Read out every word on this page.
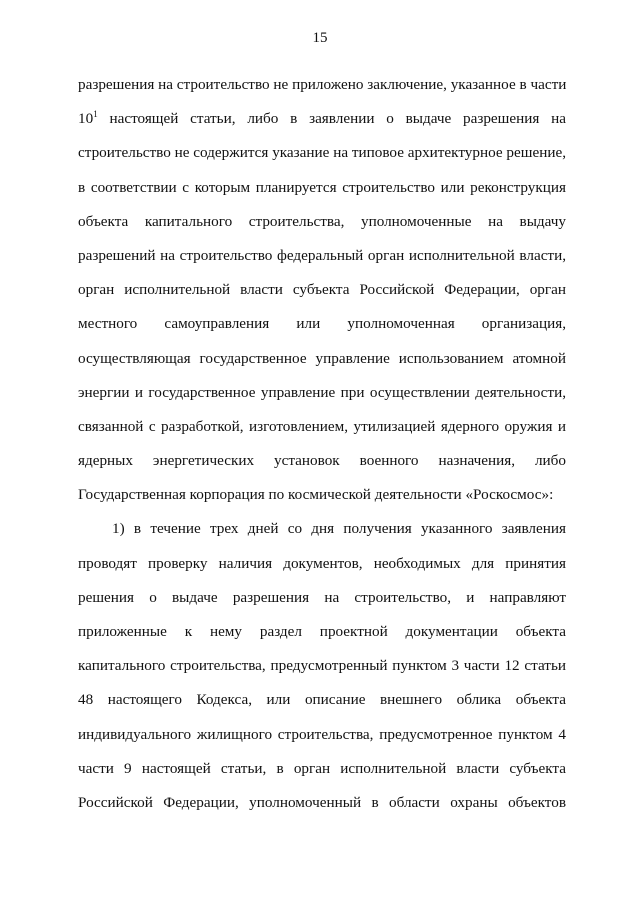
15
разрешения на строительство не приложено заключение, указанное в части
$10^1$ настоящей статьи, либо в заявлении о выдаче разрешения на
строительство не содержится указание на типовое архитектурное решение,
в соответствии с которым планируется строительство или реконструкция
объекта капитального строительства, уполномоченные на выдачу
разрешений на строительство федеральный орган исполнительной власти,
орган исполнительной власти субъекта Российской Федерации, орган
местного самоуправления или уполномоченная организация,
осуществляющая государственное управление использованием атомной
энергии и государственное управление при осуществлении деятельности,
связанной с разработкой, изготовлением, утилизацией ядерного оружия и
ядерных энергетических установок военного назначения, либо
Государственная корпорация по космической деятельности «Роскосмос»:
1) в течение трех дней со дня получения указанного заявления
проводят проверку наличия документов, необходимых для принятия
решения о выдаче разрешения на строительство, и направляют
приложенные к нему раздел проектной документации объекта
капитального строительства, предусмотренный пунктом 3 части 12 статьи
48 настоящего Кодекса, или описание внешнего облика объекта
индивидуального жилищного строительства, предусмотренное пунктом 4
части 9 настоящей статьи, в орган исполнительной власти субъекта
Российской Федерации, уполномоченный в области охраны объектов
